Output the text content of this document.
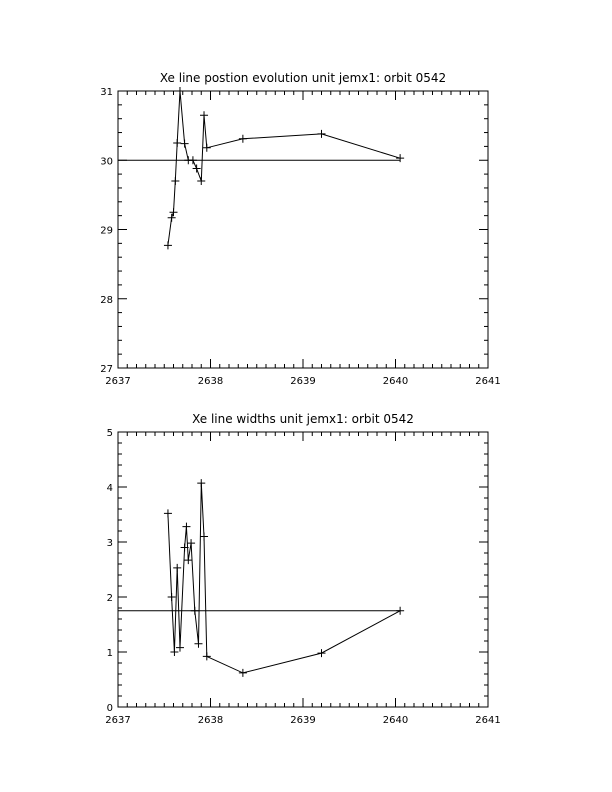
Xe line postion evolution unit jemx1: orbit 0542
2637	2638	2639	2640	2641
27
28
29
30
31
Xe line widths unit jemx1: orbit 0542
2637	2638	2639	2640	2641
0
1
2
3
4
5
